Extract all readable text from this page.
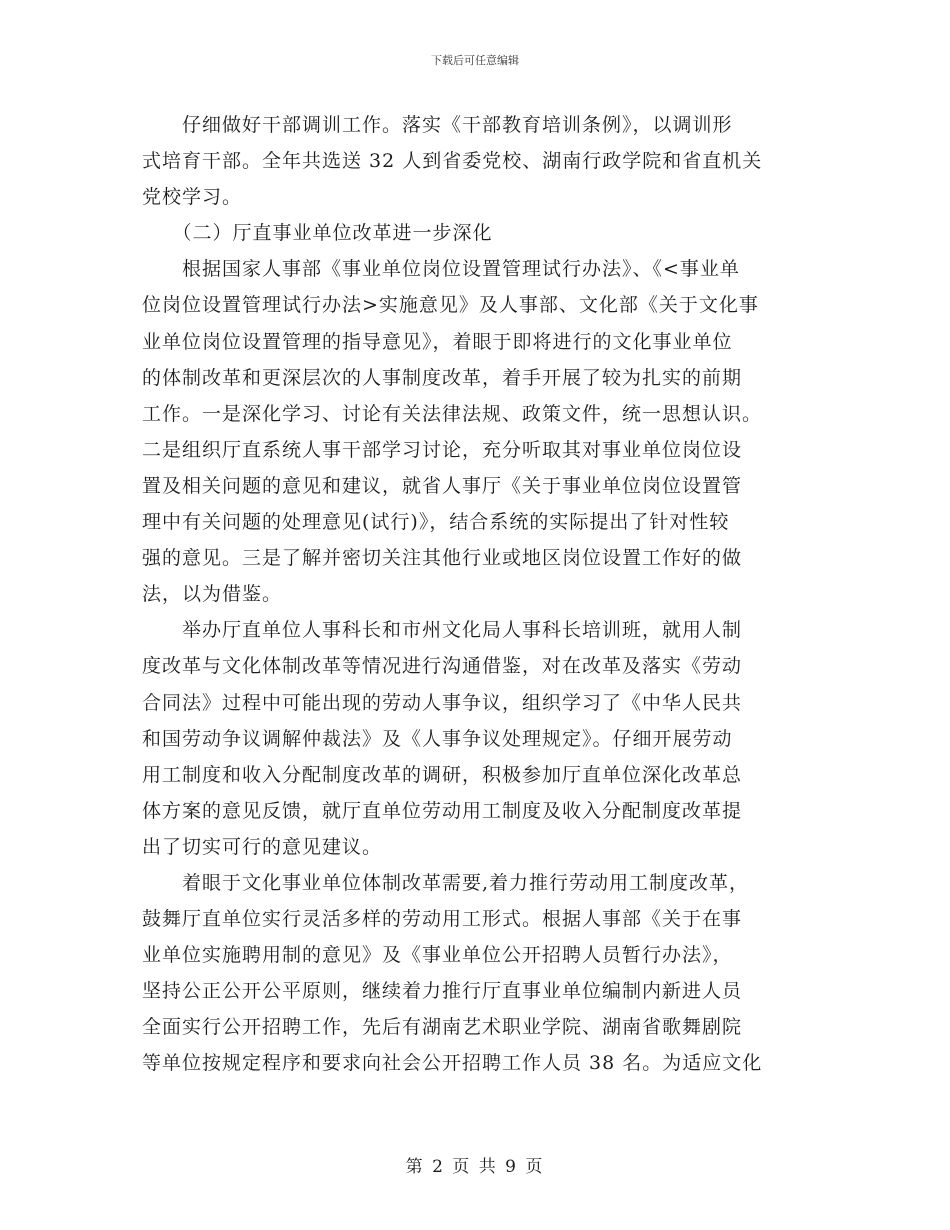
下载后可任意编辑
　　仔细做好干部调训工作。落实《干部教育培训条例》，以调训形
式培育干部。全年共选送 32 人到省委党校、湖南行政学院和省直机关
党校学习。
　　（二）厅直事业单位改革进一步深化
　　根据国家人事部《事业单位岗位设置管理试行办法》、《<事业单
位岗位设置管理试行办法>实施意见》及人事部、文化部《关于文化事
业单位岗位设置管理的指导意见》，着眼于即将进行的文化事业单位
的体制改革和更深层次的人事制度改革，着手开展了较为扎实的前期
工作。一是深化学习、讨论有关法律法规、政策文件，统一思想认识。
二是组织厅直系统人事干部学习讨论，充分听取其对事业单位岗位设
置及相关问题的意见和建议，就省人事厅《关于事业单位岗位设置管
理中有关问题的处理意见(试行)》，结合系统的实际提出了针对性较
强的意见。三是了解并密切关注其他行业或地区岗位设置工作好的做
法，以为借鉴。
　　举办厅直单位人事科长和市州文化局人事科长培训班，就用人制
度改革与文化体制改革等情况进行沟通借鉴，对在改革及落实《劳动
合同法》过程中可能出现的劳动人事争议，组织学习了《中华人民共
和国劳动争议调解仲裁法》及《人事争议处理规定》。仔细开展劳动
用工制度和收入分配制度改革的调研，积极参加厅直单位深化改革总
体方案的意见反馈，就厅直单位劳动用工制度及收入分配制度改革提
出了切实可行的意见建议。
　　着眼于文化事业单位体制改革需要,着力推行劳动用工制度改革，
鼓舞厅直单位实行灵活多样的劳动用工形式。根据人事部《关于在事
业单位实施聘用制的意见》及《事业单位公开招聘人员暂行办法》，
坚持公正公开公平原则，继续着力推行厅直事业单位编制内新进人员
全面实行公开招聘工作，先后有湖南艺术职业学院、湖南省歌舞剧院
等单位按规定程序和要求向社会公开招聘工作人员 38 名。为适应文化
第 2 页 共 9 页
